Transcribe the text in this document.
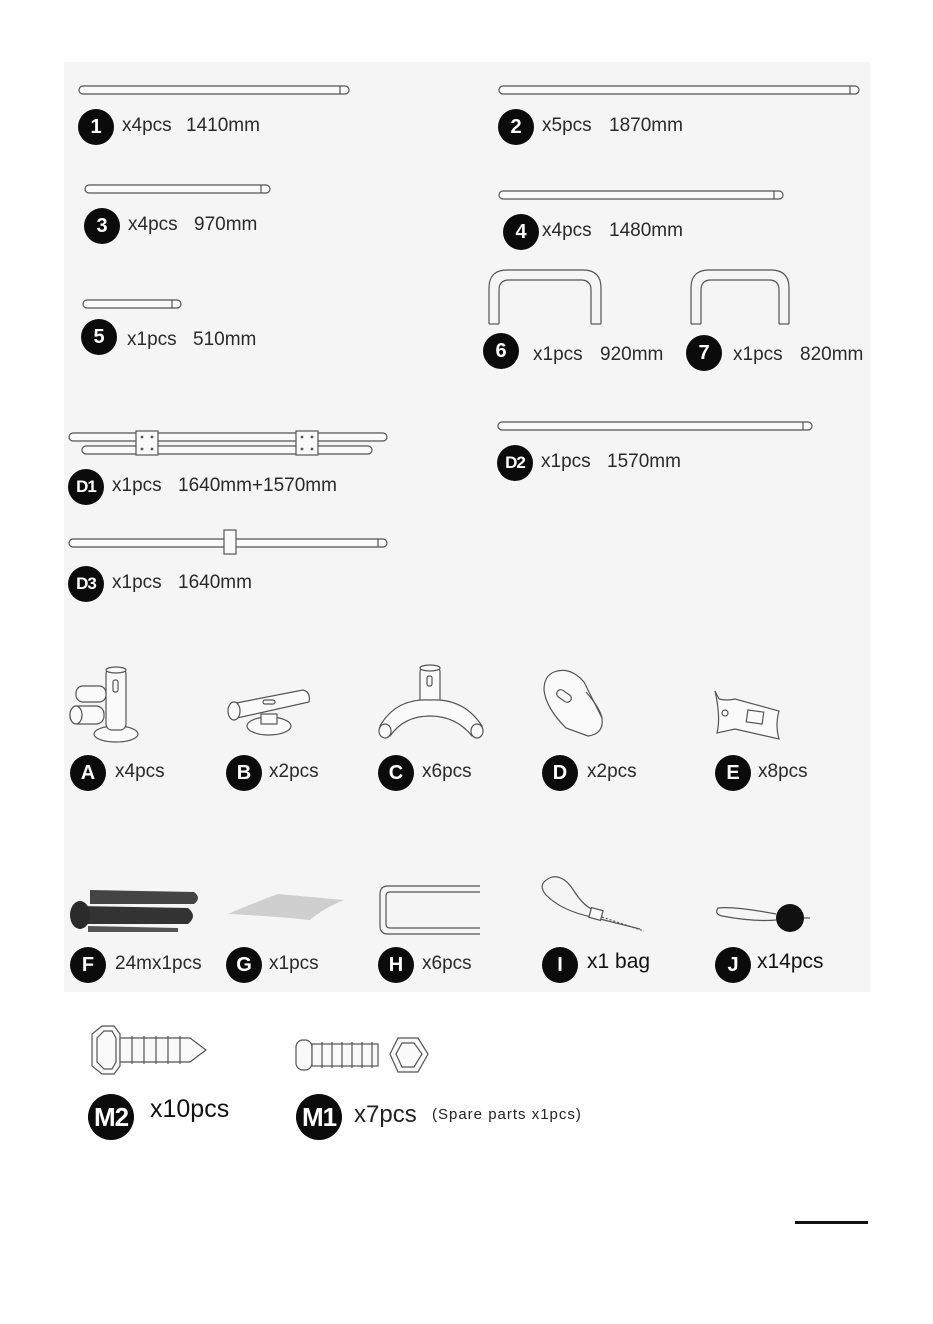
1	x4pcs 1410mm	2	x5pcs 1870mm
3	x4pcs 970mm	4 x4pcs 1480mm
5	x1pcs 510mm	6	x1pcs 920mm	7	x1pcs 820mm
D1 x1pcs 1640mm+1570mm
D2 x1pcs 1570mm
D3 x1pcs 1640mm
A	x4pcs	B x2pcs	C x6pcs	D	x2pcs	E x8pcs
F	24mx1pcs	G x1pcs	H x6pcs	I	x1 bag	J x14pcs
M2 x10pcs	M1 x7pcs (Spare parts x1pcs)
